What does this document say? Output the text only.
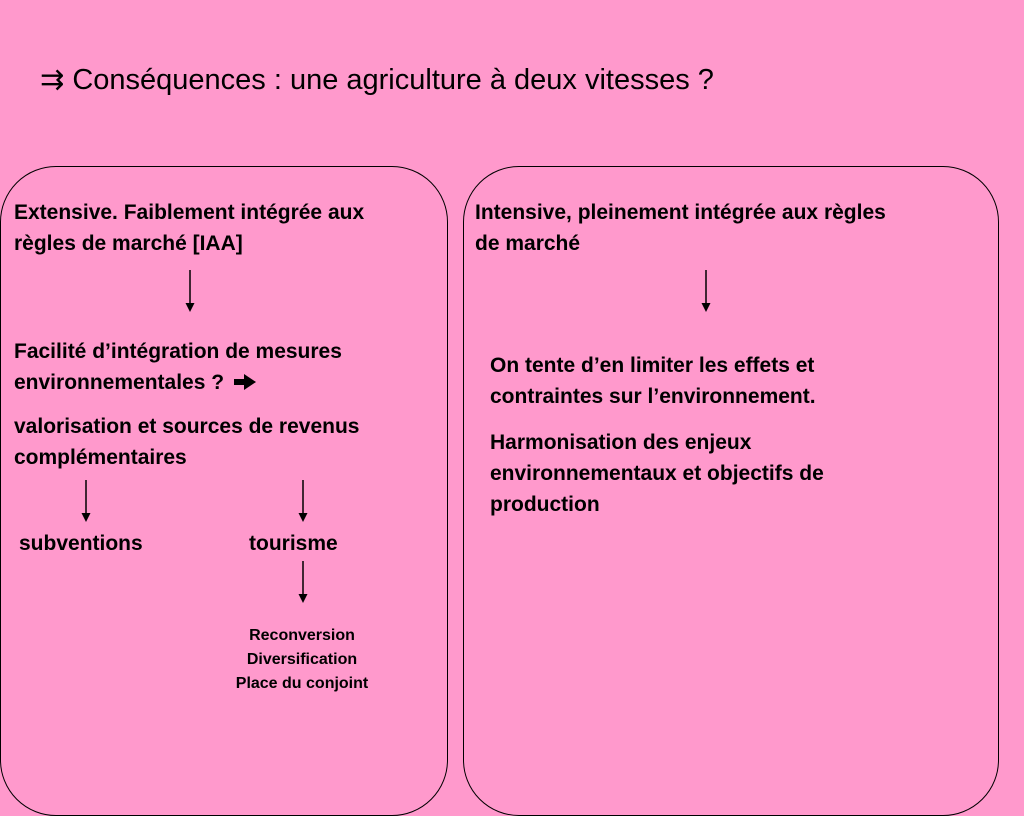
⇉ Conséquences : une agriculture à deux vitesses ?
Extensive. Faiblement intégrée aux
règles de marché [IAA]
Facilité d’intégration de mesures
environnementales ?
valorisation et sources de revenus
complémentaires
subventions	tourisme
Reconversion
Diversification
Place du conjoint
Intensive, pleinement intégrée aux règles
de marché
On tente d’en limiter les effets et
contraintes sur l’environnement.
Harmonisation des enjeux
environnementaux et objectifs de
production
